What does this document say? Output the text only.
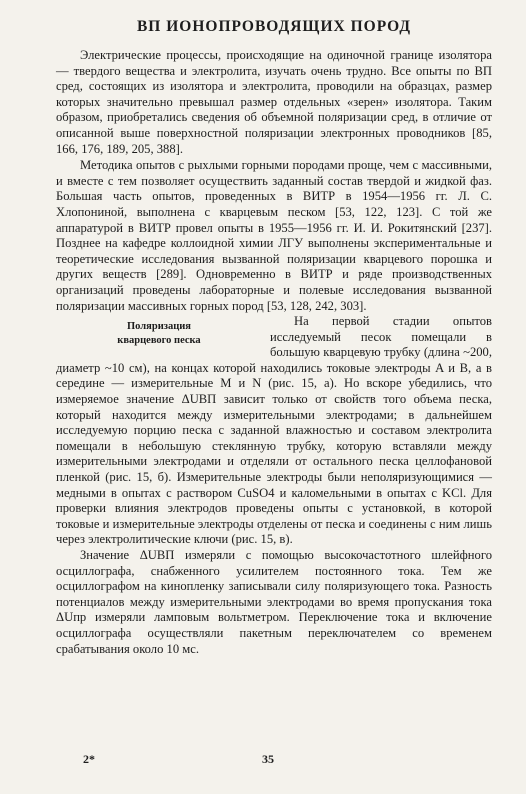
ВП ИОНОПРОВОДЯЩИХ ПОРОД

Электрические процессы, происходящие на одиночной границе изолятора — твердого вещества и электролита, изучать очень трудно. Все опыты по ВП сред, состоящих из изолятора и электролита, проводили на образцах, размер которых значительно превышал размер отдельных «зерен» изолятора. Таким образом, приобретались сведения об объемной поляризации сред, в отличие от описанной выше поверхностной поляризации электронных проводников [85, 166, 176, 189, 205, 388].

Методика опытов с рыхлыми горными породами проще, чем с массивными, и вместе с тем позволяет осуществить заданный состав твердой и жидкой фаз. Большая часть опытов, проведенных в ВИТР в 1954—1956 гг. Л. С. Хлопониной, выполнена с кварцевым песком [53, 122, 123]. С той же аппаратурой в ВИТР провел опыты в 1955—1956 гг. И. И. Рокитянский [237]. Позднее на кафедре коллоидной химии ЛГУ выполнены экспериментальные и теоретические исследования вызванной поляризации кварцевого порошка и других веществ [289]. Одновременно в ВИТР и ряде производственных организаций проведены лабораторные и полевые исследования вызванной поляризации массивных горных пород [53, 128, 242, 303].

Поляризация
кварцевого песка

На первой стадии опытов исследуемый песок помещали в большую кварцевую трубку (длина ~200, диаметр ~10 см), на концах которой находились токовые электроды A и B, а в середине — измерительные M и N (рис. 15, а). Но вскоре убедились, что измеряемое значение ΔUВП зависит только от свойств того объема песка, который находится между измерительными электродами; в дальнейшем исследуемую порцию песка с заданной влажностью и составом электролита помещали в небольшую стеклянную трубку, которую вставляли между измерительными электродами и отделяли от остального песка целлофановой пленкой (рис. 15, б). Измерительные электроды были неполяризующимися — медными в опытах с раствором CuSO4 и каломельными в опытах с KCl. Для проверки влияния электродов проведены опыты с установкой, в которой токовые и измерительные электроды отделены от песка и соединены с ним лишь через электролитические ключи (рис. 15, в).

Значение ΔUВП измеряли с помощью высокочастотного шлейфного осциллографа, снабженного усилителем постоянного тока. Тем же осциллографом на кинопленку записывали силу поляризующего тока. Разность потенциалов между измерительными электродами во время пропускания тока ΔUпр измеряли ламповым вольтметром. Переключение тока и включение осциллографа осуществляли пакетным переключателем со временем срабатывания около 10 мс.

2*	35
